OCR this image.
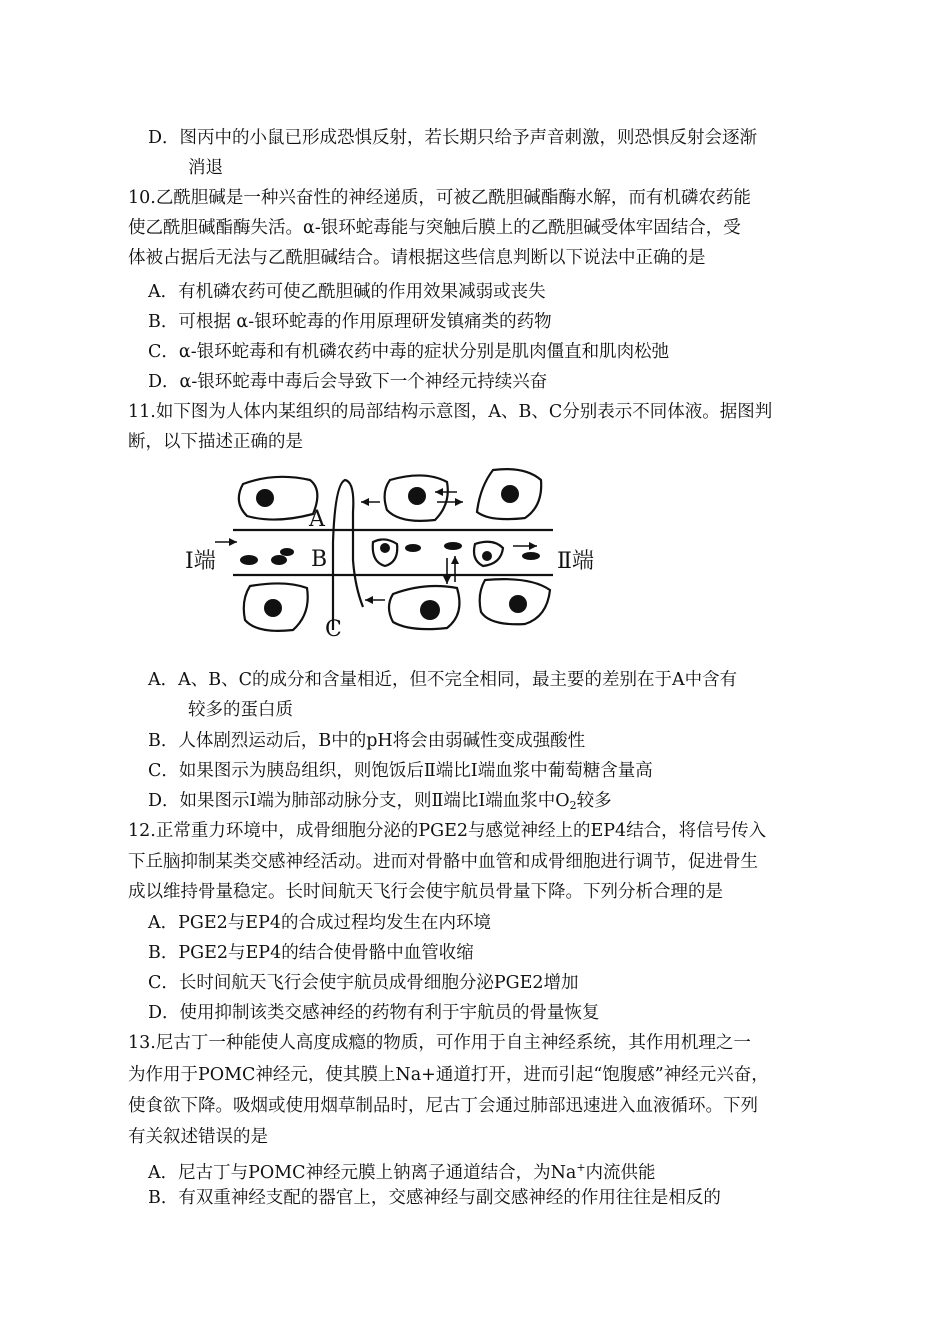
D．图丙中的小鼠已形成恐惧反射，若长期只给予声音刺激，则恐惧反射会逐渐
消退
10.乙酰胆碱是一种兴奋性的神经递质，可被乙酰胆碱酯酶水解，而有机磷农药能
使乙酰胆碱酯酶失活。α-银环蛇毒能与突触后膜上的乙酰胆碱受体牢固结合，受
体被占据后无法与乙酰胆碱结合。请根据这些信息判断以下说法中正确的是
A．有机磷农药可使乙酰胆碱的作用效果减弱或丧失
B．可根据 α-银环蛇毒的作用原理研发镇痛类的药物
C．α-银环蛇毒和有机磷农药中毒的症状分别是肌肉僵直和肌肉松弛
D．α-银环蛇毒中毒后会导致下一个神经元持续兴奋
11.如下图为人体内某组织的局部结构示意图，A、B、C分别表示不同体液。据图判
断，以下描述正确的是
Ⅰ端	Ⅱ端
A
B
C
A．A、B、C的成分和含量相近，但不完全相同，最主要的差别在于A中含有
较多的蛋白质
B．人体剧烈运动后，B中的pH将会由弱碱性变成强酸性
C．如果图示为胰岛组织，则饱饭后Ⅱ端比Ⅰ端血浆中葡萄糖含量高
D．如果图示Ⅰ端为肺部动脉分支，则Ⅱ端比Ⅰ端血浆中$O_2$较多
12.正常重力环境中，成骨细胞分泌的PGE2与感觉神经上的EP4结合，将信号传入
下丘脑抑制某类交感神经活动。进而对骨骼中血管和成骨细胞进行调节，促进骨生
成以维持骨量稳定。长时间航天飞行会使宇航员骨量下降。下列分析合理的是
A．PGE2与EP4的合成过程均发生在内环境
B．PGE2与EP4的结合使骨骼中血管收缩
C．长时间航天飞行会使宇航员成骨细胞分泌PGE2增加
D．使用抑制该类交感神经的药物有利于宇航员的骨量恢复
13.尼古丁一种能使人高度成瘾的物质，可作用于自主神经系统，其作用机理之一
为作用于POMC神经元，使其膜上Na+通道打开，进而引起“饱腹感”神经元兴奋，
使食欲下降。吸烟或使用烟草制品时，尼古丁会通过肺部迅速进入血液循环。下列
有关叙述错误的是
A．尼古丁与POMC神经元膜上钠离子通道结合，为Na+内流供能
B．有双重神经支配的器官上，交感神经与副交感神经的作用往往是相反的
